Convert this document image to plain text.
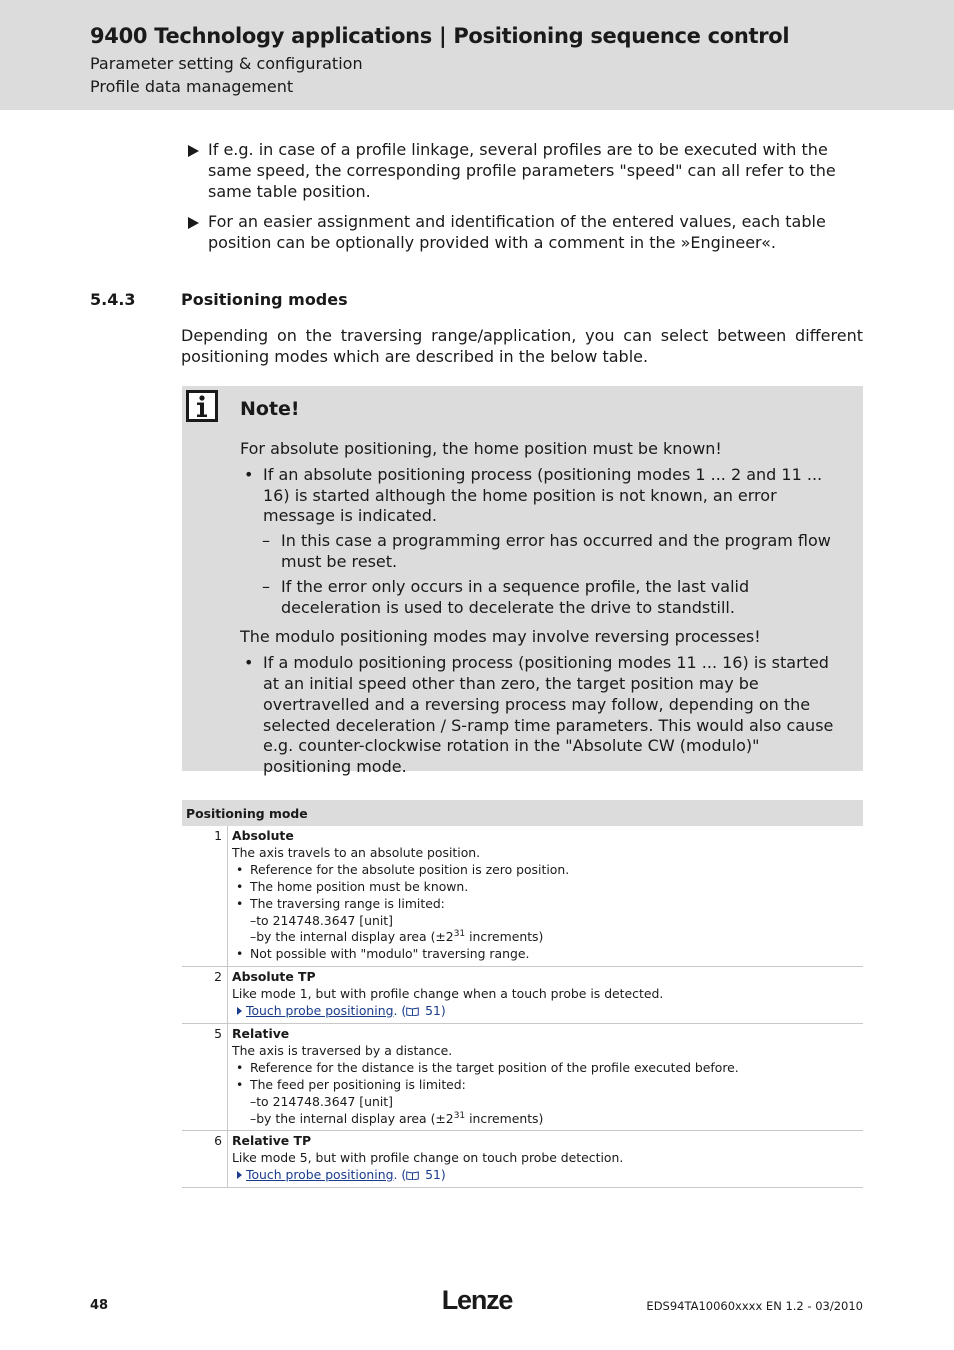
9400 Technology applications | Positioning sequence control
Parameter setting & configuration
Profile data management
If e.g. in case of a profile linkage, several profiles are to be executed with the same speed, the corresponding profile parameters "speed" can all refer to the same table position.
For an easier assignment and identification of the entered values, each table position can be optionally provided with a comment in the »Engineer«.
5.4.3	Positioning modes
Depending on the traversing range/application, you can select between different positioning modes which are described in the below table.
Note!

For absolute positioning, the home position must be known!

• If an absolute positioning process (positioning modes 1 ... 2 and 11 ... 16) is started although the home position is not known, an error message is indicated.
– In this case a programming error has occurred and the program flow must be reset.
– If the error only occurs in a sequence profile, the last valid deceleration is used to decelerate the drive to standstill.

The modulo positioning modes may involve reversing processes!

• If a modulo positioning process (positioning modes 11 ... 16) is started at an initial speed other than zero, the target position may be overtravelled and a reversing process may follow, depending on the selected deceleration / S-ramp time parameters. This would also cause e.g. counter-clockwise rotation in the "Absolute CW (modulo)" positioning mode.
Positioning mode
1 Absolute
The axis travels to an absolute position.
• Reference for the absolute position is zero position.
• The home position must be known.
• The traversing range is limited:
–to 214748.3647 [unit]
–by the internal display area ($\pm 2^{31}$ increments)
• Not possible with "modulo" traversing range.
2 Absolute TP
Like mode 1, but with profile change when a touch probe is detected.
Touch probe positioning. ( 51)
5 Relative
The axis is traversed by a distance.
• Reference for the distance is the target position of the profile executed before.
• The feed per positioning is limited:
–to 214748.3647 [unit]
–by the internal display area ($\pm 2^{31}$ increments)
6 Relative TP
Like mode 5, but with profile change on touch probe detection.
Touch probe positioning. ( 51)
48	Lenze	EDS94TA10060xxxx EN 1.2 - 03/2010
